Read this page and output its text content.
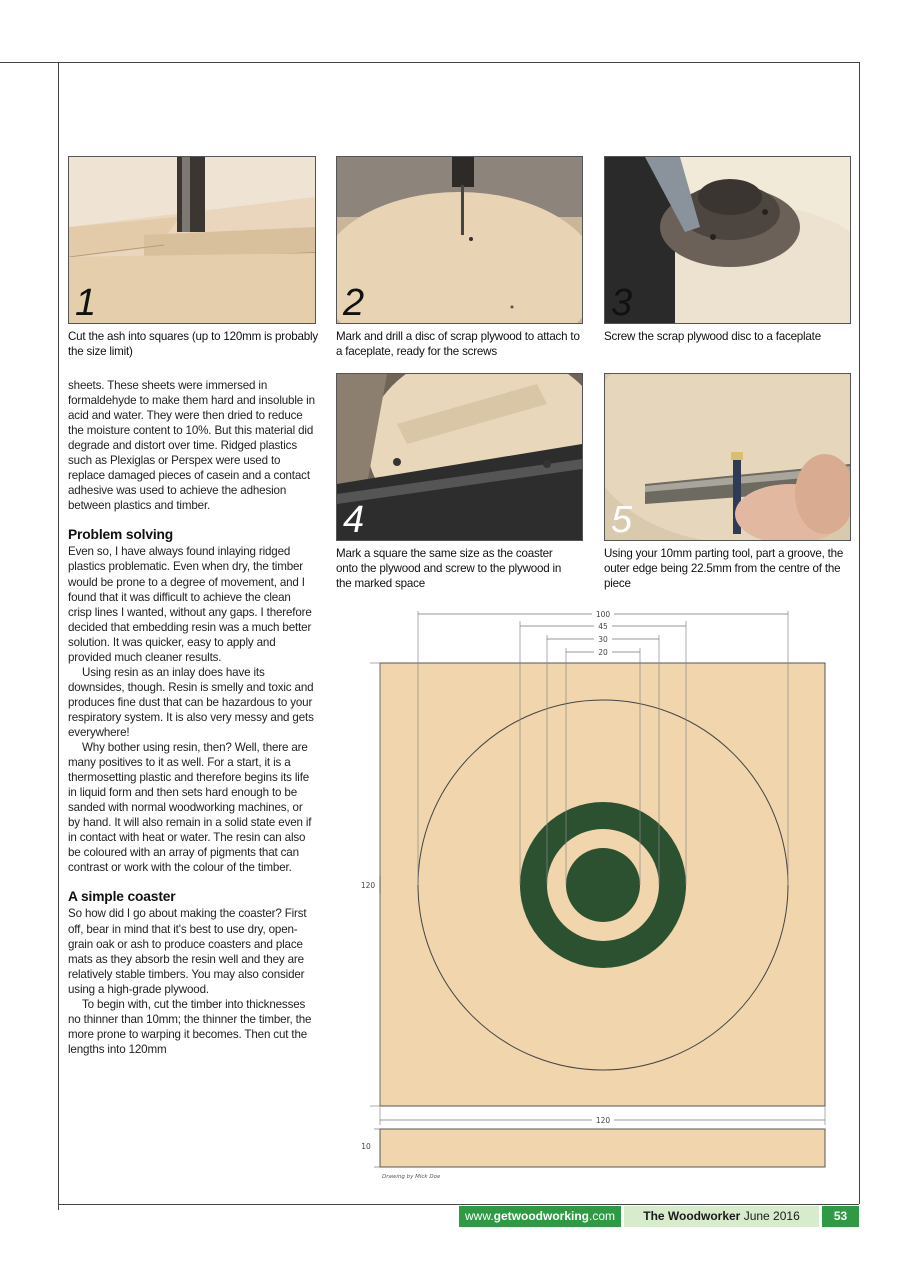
1
Cut the ash into squares (up to 120mm is probably the size limit)
2
Mark and drill a disc of scrap plywood to attach to a faceplate, ready for the screws
3
Screw the scrap plywood disc to a faceplate
4
Mark a square the same size as the coaster onto the plywood and screw to the plywood in the marked space
5
Using your 10mm parting tool, part a groove, the outer edge being 22.5mm from the centre of the piece

sheets. These sheets were immersed in formaldehyde to make them hard and insoluble in acid and water. They were then dried to reduce the moisture content to 10%. But this material did degrade and distort over time. Ridged plastics such as Plexiglas or Perspex were used to replace damaged pieces of casein and a contact adhesive was used to achieve the adhesion between plastics and timber.

Problem solving

Even so, I have always found inlaying ridged plastics problematic. Even when dry, the timber would be prone to a degree of movement, and I found that it was difficult to achieve the clean crisp lines I wanted, without any gaps. I therefore decided that embedding resin was a much better solution. It was quicker, easy to apply and provided much cleaner results.

Using resin as an inlay does have its downsides, though. Resin is smelly and toxic and produces fine dust that can be hazardous to your respiratory system. It is also very messy and gets everywhere!

Why bother using resin, then? Well, there are many positives to it as well. For a start, it is a thermosetting plastic and therefore begins its life in liquid form and then sets hard enough to be sanded with normal woodworking machines, or by hand. It will also remain in a solid state even if in contact with heat or water. The resin can also be coloured with an array of pigments that can contrast or work with the colour of the timber.

A simple coaster

So how did I go about making the coaster? First off, bear in mind that it's best to use dry, open-grain oak or ash to produce coasters and place mats as they absorb the resin well and they are relatively stable timbers. You may also consider using a high-grade plywood.

To begin with, cut the timber into thicknesses no thinner than 10mm; the thinner the timber, the more prone to warping it becomes. Then cut the lengths into 120mm

100
45
30
20
120
120
10
Drawing by Mick Doe
www.getwoodworking.com	The Woodworker June 2016	53
